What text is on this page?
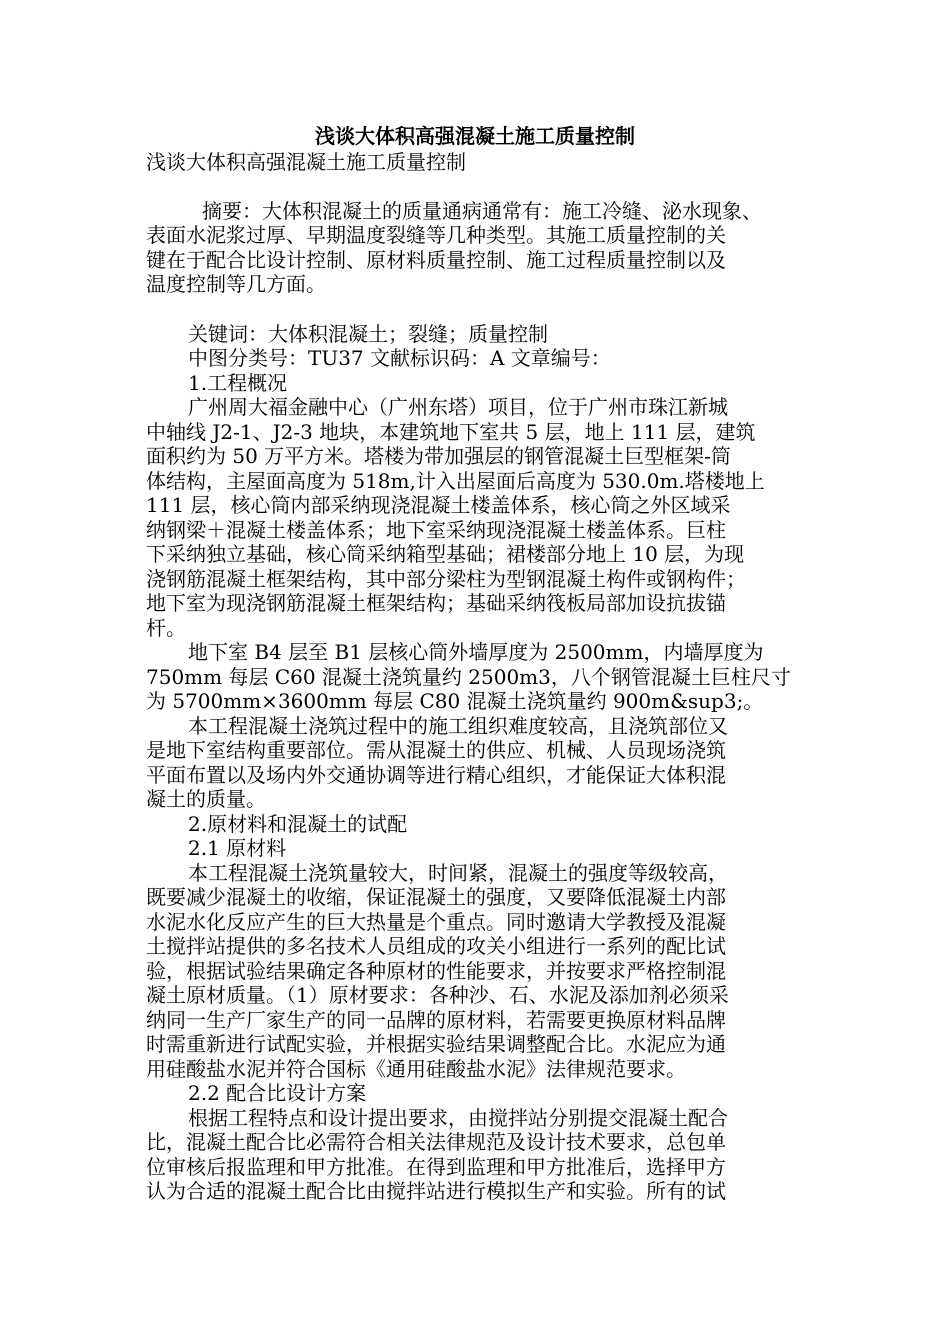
浅谈大体积高强混凝土施工质量控制
浅谈大体积高强混凝土施工质量控制
摘要：大体积混凝土的质量通病通常有：施工冷缝、泌水现象、
表面水泥浆过厚、早期温度裂缝等几种类型。其施工质量控制的关
键在于配合比设计控制、原材料质量控制、施工过程质量控制以及
温度控制等几方面。
关键词：大体积混凝土；裂缝；质量控制
中图分类号：TU37 文献标识码：A 文章编号：
1.工程概况
广州周大福金融中心（广州东塔）项目，位于广州市珠江新城
中轴线 J2-1、J2-3 地块，本建筑地下室共 5 层，地上 111 层，建筑
面积约为 50 万平方米。塔楼为带加强层的钢管混凝土巨型框架-筒
体结构，主屋面高度为 518m,计入出屋面后高度为 530.0m.塔楼地上
111 层，核心筒内部采纳现浇混凝土楼盖体系，核心筒之外区域采
纳钢梁＋混凝土楼盖体系；地下室采纳现浇混凝土楼盖体系。巨柱
下采纳独立基础，核心筒采纳箱型基础；裙楼部分地上 10 层，为现
浇钢筋混凝土框架结构，其中部分梁柱为型钢混凝土构件或钢构件；
地下室为现浇钢筋混凝土框架结构；基础采纳筏板局部加设抗拔锚
杆。
地下室 B4 层至 B1 层核心筒外墙厚度为 2500mm，内墙厚度为
750mm 每层 C60 混凝土浇筑量约 2500m3，八个钢管混凝土巨柱尺寸
为 5700mm×3600mm 每层 C80 混凝土浇筑量约 900m&sup3;。
本工程混凝土浇筑过程中的施工组织难度较高，且浇筑部位又
是地下室结构重要部位。需从混凝土的供应、机械、人员现场浇筑
平面布置以及场内外交通协调等进行精心组织，才能保证大体积混
凝土的质量。
2.原材料和混凝土的试配
2.1 原材料
本工程混凝土浇筑量较大，时间紧，混凝土的强度等级较高，
既要减少混凝土的收缩，保证混凝土的强度，又要降低混凝土内部
水泥水化反应产生的巨大热量是个重点。同时邀请大学教授及混凝
土搅拌站提供的多名技术人员组成的攻关小组进行一系列的配比试
验，根据试验结果确定各种原材的性能要求，并按要求严格控制混
凝土原材质量。（1）原材要求：各种沙、石、水泥及添加剂必须采
纳同一生产厂家生产的同一品牌的原材料，若需要更换原材料品牌
时需重新进行试配实验，并根据实验结果调整配合比。水泥应为通
用硅酸盐水泥并符合国标《通用硅酸盐水泥》法律规范要求。
2.2 配合比设计方案
根据工程特点和设计提出要求，由搅拌站分别提交混凝土配合
比，混凝土配合比必需符合相关法律规范及设计技术要求，总包单
位审核后报监理和甲方批准。在得到监理和甲方批准后，选择甲方
认为合适的混凝土配合比由搅拌站进行模拟生产和实验。所有的试
